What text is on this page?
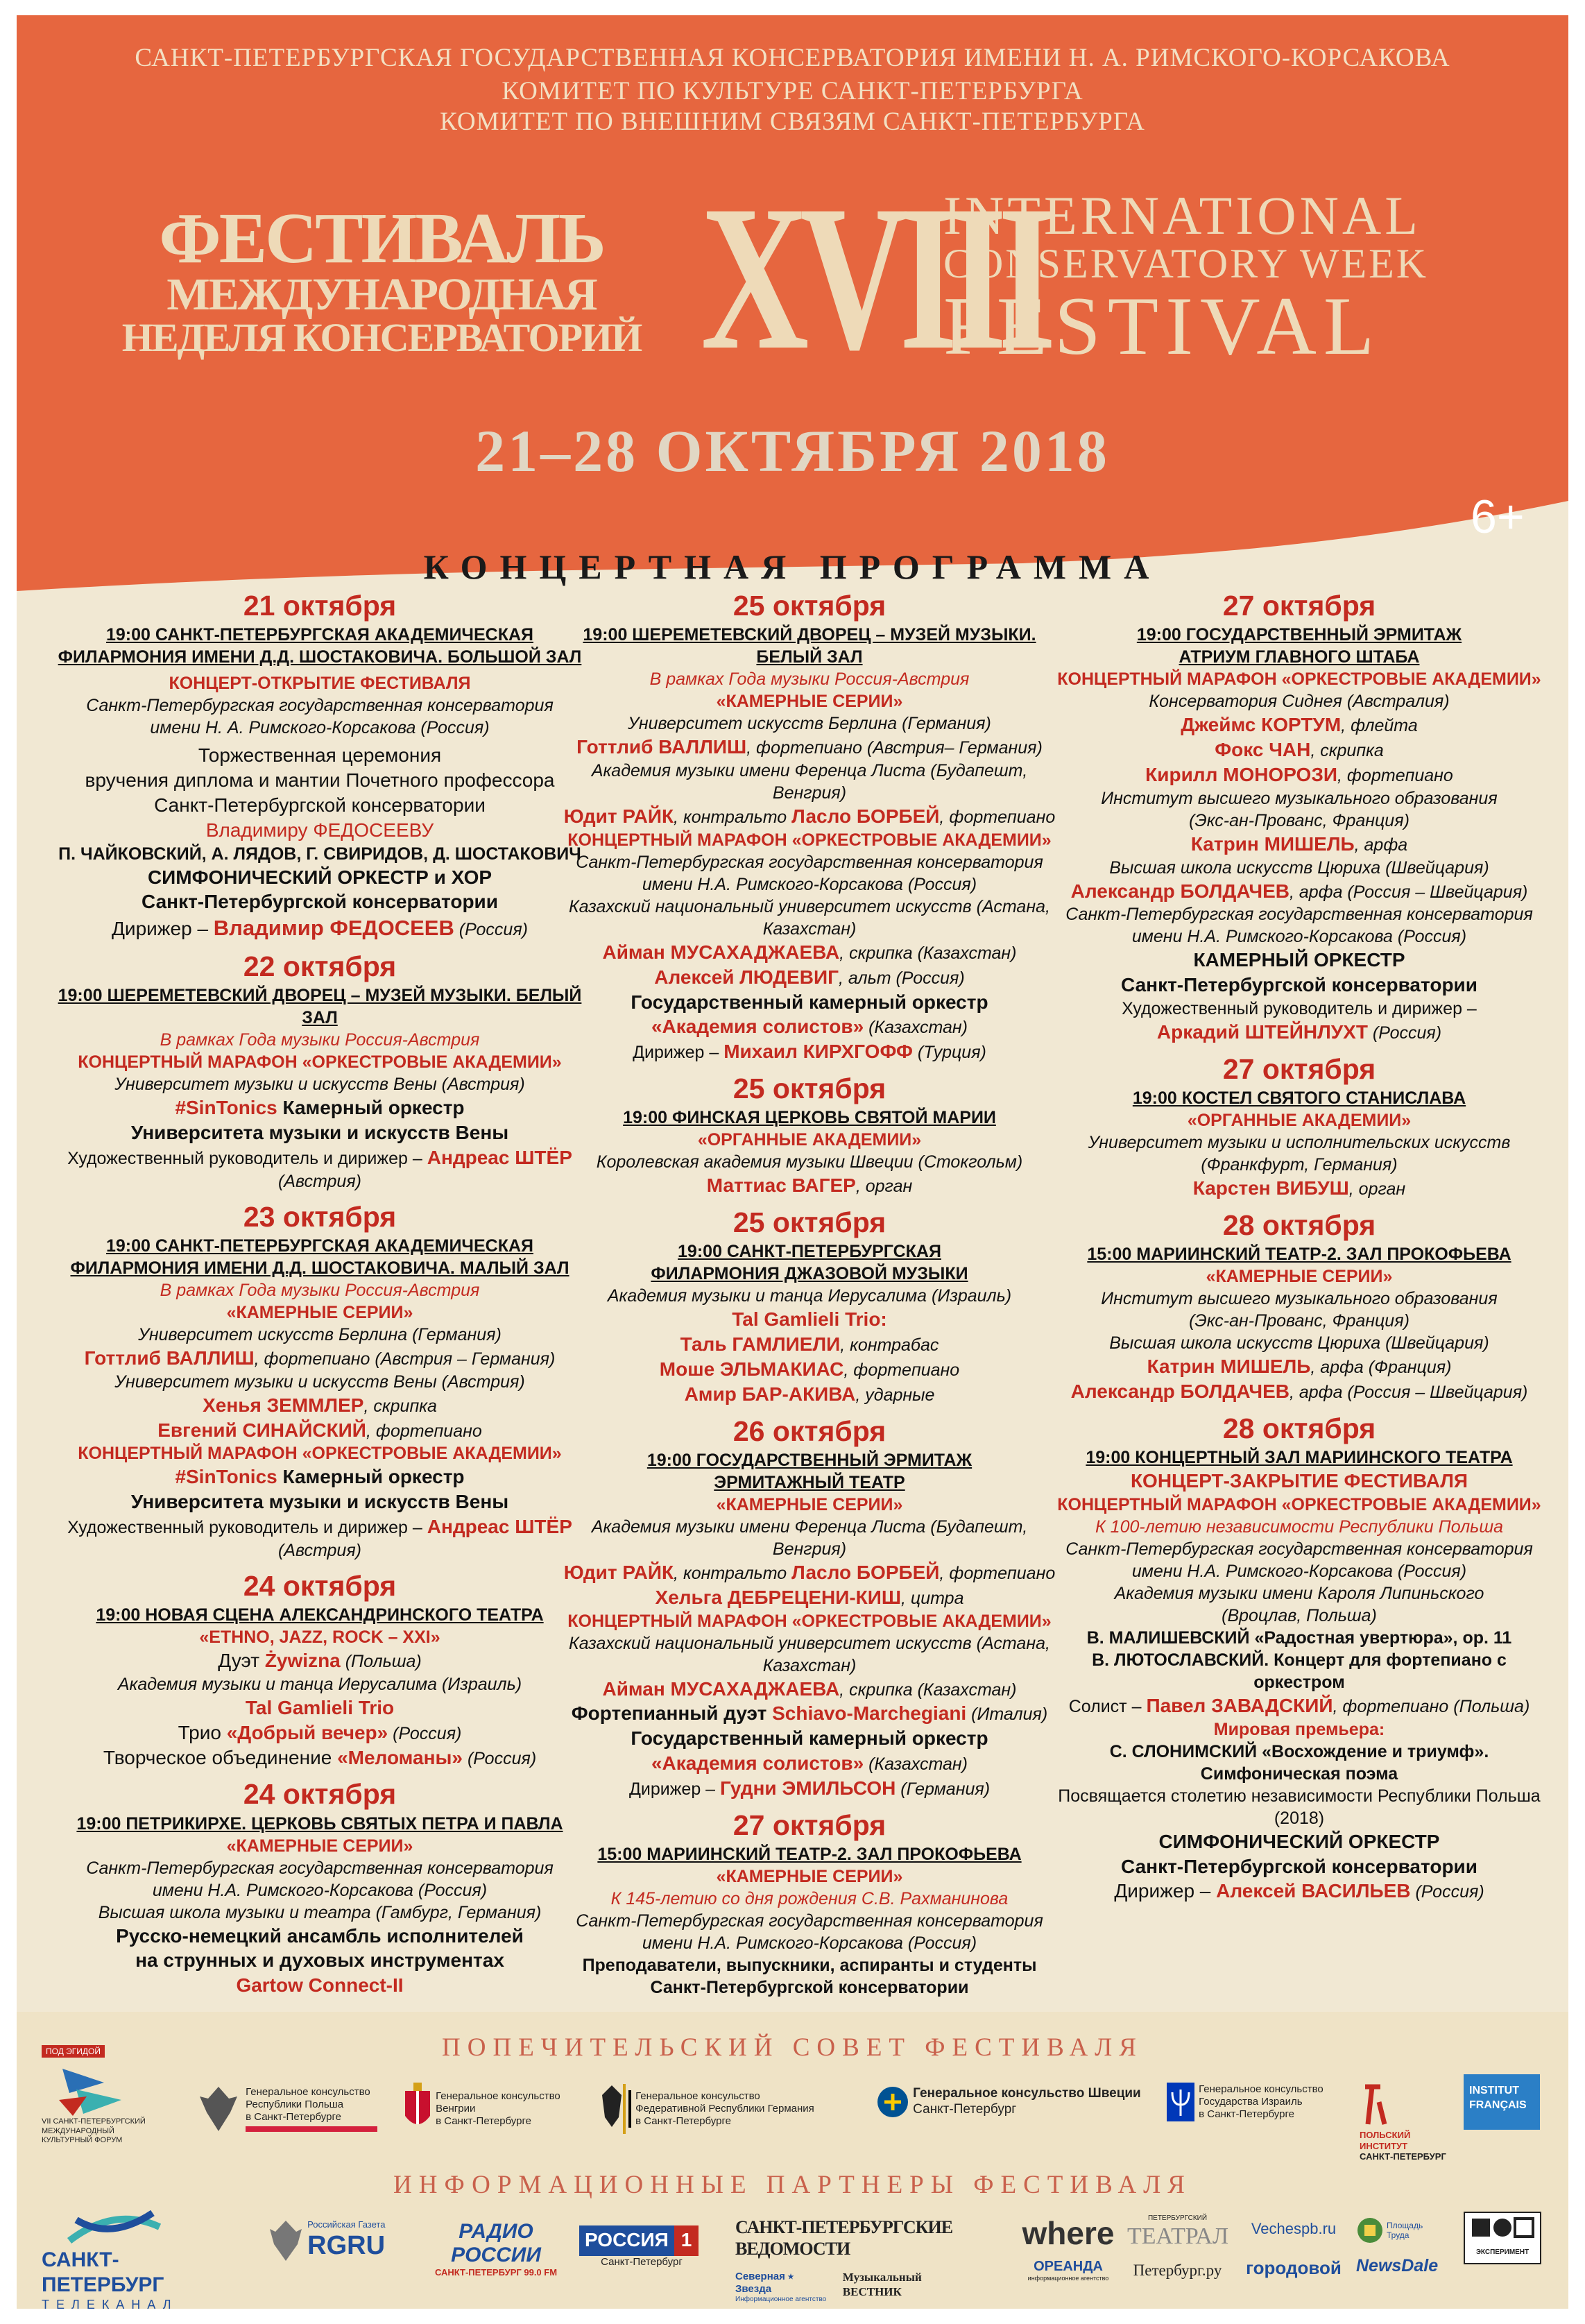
САНКТ-ПЕТЕРБУРГСКАЯ ГОСУДАРСТВЕННАЯ КОНСЕРВАТОРИЯ ИМЕНИ Н. А. РИМСКОГО-КОРСАКОВА
КОМИТЕТ ПО КУЛЬТУРЕ САНКТ-ПЕТЕРБУРГА
КОМИТЕТ ПО ВНЕШНИМ СВЯЗЯМ САНКТ-ПЕТЕРБУРГА
ФЕСТИВАЛЬ
МЕЖДУНАРОДНАЯ
НЕДЕЛЯ КОНСЕРВАТОРИЙ XVIII
INTERNATIONAL
CONSERVATORY WEEK
FESTIVAL
21–28 ОКТЯБРЯ 2018
6+
КОНЦЕРТНАЯ ПРОГРАММА
21 октября
19:00 САНКТ-ПЕТЕРБУРГСКАЯ АКАДЕМИЧЕСКАЯ
ФИЛАРМОНИЯ ИМЕНИ Д.Д. ШОСТАКОВИЧА. БОЛЬШОЙ ЗАЛ
КОНЦЕРТ-ОТКРЫТИЕ ФЕСТИВАЛЯ
Санкт-Петербургская государственная консерватория
имени Н. А. Римского-Корсакова (Россия)
Торжественная церемония
вручения диплома и мантии Почетного профессора
Санкт-Петербургской консерватории
Владимиру ФЕДОСЕЕВУ
П. ЧАЙКОВСКИЙ, А. ЛЯДОВ, Г. СВИРИДОВ, Д. ШОСТАКОВИЧ
СИМФОНИЧЕСКИЙ ОРКЕСТР и ХОР
Санкт-Петербургской консерватории
Дирижер – Владимир ФЕДОСЕЕВ (Россия)
22 октября
19:00 ШЕРЕМЕТЕВСКИЙ ДВОРЕЦ – МУЗЕЙ МУЗЫКИ. БЕЛЫЙ ЗАЛ
В рамках Года музыки Россия-Австрия
КОНЦЕРТНЫЙ МАРАФОН «ОРКЕСТРОВЫЕ АКАДЕМИИ»
Университет музыки и искусств Вены (Австрия)
#SinTonics Камерный оркестр
Университета музыки и искусств Вены
Художественный руководитель и дирижер – Андреас ШТЁР (Австрия)
23 октября
19:00 САНКТ-ПЕТЕРБУРГСКАЯ АКАДЕМИЧЕСКАЯ
ФИЛАРМОНИЯ ИМЕНИ Д.Д. ШОСТАКОВИЧА. МАЛЫЙ ЗАЛ
В рамках Года музыки Россия-Австрия
«КАМЕРНЫЕ СЕРИИ»
Университет искусств Берлина (Германия)
Готтлиб ВАЛЛИШ, фортепиано (Австрия – Германия)
Университет музыки и искусств Вены (Австрия)
Хенья ЗЕММЛЕР, скрипка
Евгений СИНАЙСКИЙ, фортепиано
КОНЦЕРТНЫЙ МАРАФОН «ОРКЕСТРОВЫЕ АКАДЕМИИ»
#SinTonics Камерный оркестр
Университета музыки и искусств Вены
Художественный руководитель и дирижер – Андреас ШТЁР (Австрия)
24 октября
19:00 НОВАЯ СЦЕНА АЛЕКСАНДРИНСКОГО ТЕАТРА
«ETHNO, JAZZ, ROCK – XXI»
Дуэт Żywizna (Польша)
Академия музыки и танца Иерусалима (Израиль)
Tal Gamlieli Trio
Трио «Добрый вечер» (Россия)
Творческое объединение «Меломаны» (Россия)
24 октября
19:00 ПЕТРИКИРХЕ. ЦЕРКОВЬ СВЯТЫХ ПЕТРА И ПАВЛА
«КАМЕРНЫЕ СЕРИИ»
Санкт-Петербургская государственная консерватория
имени Н.А. Римского-Корсакова (Россия)
Высшая школа музыки и театра (Гамбург, Германия)
Русско-немецкий ансамбль исполнителей
на струнных и духовых инструментах
Gartow Connect-II
25 октября
19:00 ШЕРЕМЕТЕВСКИЙ ДВОРЕЦ – МУЗЕЙ МУЗЫКИ. БЕЛЫЙ ЗАЛ
В рамках Года музыки Россия-Австрия
«КАМЕРНЫЕ СЕРИИ»
Университет искусств Берлина (Германия)
Готтлиб ВАЛЛИШ, фортепиано (Австрия– Германия)
Академия музыки имени Ференца Листа (Будапешт, Венгрия)
Юдит РАЙК, контральто Ласло БОРБЕЙ, фортепиано
КОНЦЕРТНЫЙ МАРАФОН «ОРКЕСТРОВЫЕ АКАДЕМИИ»
Санкт-Петербургская государственная консерватория
имени Н.А. Римского-Корсакова (Россия)
Казахский национальный университет искусств (Астана, Казахстан)
Айман МУСАХАДЖАЕВА, скрипка (Казахстан)
Алексей ЛЮДЕВИГ, альт (Россия)
Государственный камерный оркестр
«Академия солистов» (Казахстан)
Дирижер – Михаил КИРХГОФФ (Турция)
25 октября
19:00 ФИНСКАЯ ЦЕРКОВЬ СВЯТОЙ МАРИИ
«ОРГАННЫЕ АКАДЕМИИ»
Королевская академия музыки Швеции (Стокгольм)
Маттиас ВАГЕР, орган
25 октября
19:00 САНКТ-ПЕТЕРБУРГСКАЯ
ФИЛАРМОНИЯ ДЖАЗОВОЙ МУЗЫКИ
Академия музыки и танца Иерусалима (Израиль)
Tal Gamlieli Trio:
Таль ГАМЛИЕЛИ, контрабас
Моше ЭЛЬМАКИАС, фортепиано
Амир БАР-АКИВА, ударные
26 октября
19:00 ГОСУДАРСТВЕННЫЙ ЭРМИТАЖ
ЭРМИТАЖНЫЙ ТЕАТР
«КАМЕРНЫЕ СЕРИИ»
Академия музыки имени Ференца Листа (Будапешт, Венгрия)
Юдит РАЙК, контральто Ласло БОРБЕЙ, фортепиано
Хельга ДЕБРЕЦЕНИ-КИШ, цитра
КОНЦЕРТНЫЙ МАРАФОН «ОРКЕСТРОВЫЕ АКАДЕМИИ»
Казахский национальный университет искусств (Астана, Казахстан)
Айман МУСАХАДЖАЕВА, скрипка (Казахстан)
Фортепианный дуэт Schiavo-Marchegiani (Италия)
Государственный камерный оркестр
«Академия солистов» (Казахстан)
Дирижер – Гудни ЭМИЛЬСОН (Германия)
27 октября
15:00 МАРИИНСКИЙ ТЕАТР-2. ЗАЛ ПРОКОФЬЕВА
«КАМЕРНЫЕ СЕРИИ»
К 145-летию со дня рождения С.В. Рахманинова
Санкт-Петербургская государственная консерватория
имени Н.А. Римского-Корсакова (Россия)
Преподаватели, выпускники, аспиранты и студенты
Санкт-Петербургской консерватории
27 октября
19:00 ГОСУДАРСТВЕННЫЙ ЭРМИТАЖ
АТРИУМ ГЛАВНОГО ШТАБА
КОНЦЕРТНЫЙ МАРАФОН «ОРКЕСТРОВЫЕ АКАДЕМИИ»
Консерватория Сиднея (Австралия)
Джеймс КОРТУМ, флейта
Фокс ЧАН, скрипка
Кирилл МОНОРОЗИ, фортепиано
Институт высшего музыкального образования
(Экс-ан-Прованс, Франция)
Катрин МИШЕЛЬ, арфа
Высшая школа искусств Цюриха (Швейцария)
Александр БОЛДАЧЕВ, арфа (Россия – Швейцария)
Санкт-Петербургская государственная консерватория
имени Н.А. Римского-Корсакова (Россия)
КАМЕРНЫЙ ОРКЕСТР
Санкт-Петербургской консерватории
Художественный руководитель и дирижер –
Аркадий ШТЕЙНЛУХТ (Россия)
27 октября
19:00 КОСТЕЛ СВЯТОГО СТАНИСЛАВА
«ОРГАННЫЕ АКАДЕМИИ»
Университет музыки и исполнительских искусств
(Франкфурт, Германия)
Карстен ВИБУШ, орган
28 октября
15:00 МАРИИНСКИЙ ТЕАТР-2. ЗАЛ ПРОКОФЬЕВА
«КАМЕРНЫЕ СЕРИИ»
Институт высшего музыкального образования
(Экс-ан-Прованс, Франция)
Высшая школа искусств Цюриха (Швейцария)
Катрин МИШЕЛЬ, арфа (Франция)
Александр БОЛДАЧЕВ, арфа (Россия – Швейцария)
28 октября
19:00 КОНЦЕРТНЫЙ ЗАЛ МАРИИНСКОГО ТЕАТРА
КОНЦЕРТ-ЗАКРЫТИЕ ФЕСТИВАЛЯ
КОНЦЕРТНЫЙ МАРАФОН «ОРКЕСТРОВЫЕ АКАДЕМИИ»
К 100-летию независимости Республики Польша
Санкт-Петербургская государственная консерватория
имени Н.А. Римского-Корсакова (Россия)
Академия музыки имени Кароля Липиньского
(Вроцлав, Польша)
В. МАЛИШЕВСКИЙ «Радостная увертюра», ор. 11
В. ЛЮТОСЛАВСКИЙ. Концерт для фортепиано с оркестром
Солист – Павел ЗАВАДСКИЙ, фортепиано (Польша)
Мировая премьера:
С. СЛОНИМСКИЙ «Восхождение и триумф».
Симфоническая поэма
Посвящается столетию независимости Республики Польша (2018)
СИМФОНИЧЕСКИЙ ОРКЕСТР
Санкт-Петербургской консерватории
Дирижер – Алексей ВАСИЛЬЕВ (Россия)
ПОПЕЧИТЕЛЬСКИЙ СОВЕТ ФЕСТИВАЛЯ
ИНФОРМАЦИОННЫЕ ПАРТНЕРЫ ФЕСТИВАЛЯ
ПОД ЭГИДОЙ
VII САНКТ-ПЕТЕРБУРГСКИЙ
МЕЖДУНАРОДНЫЙ
КУЛЬТУРНЫЙ ФОРУМ

Генеральное консульство
Республики Польша
в Санкт-Петербурге

Генеральное консульство
Венгрии
в Санкт-Петербурге

Генеральное консульство
Федеративной Республики Германия
в Санкт-Петербурге

Генеральное консульство Швеции
Санкт-Петербург

Генеральное консульство
Государства Израиль
в Санкт-Петербурге

ПОЛЬСКИЙ
ИНСТИТУТ
САНКТ-ПЕТЕРБУРГ
INSTITUT
FRANÇAIS
САНКТ-ПЕТЕРБУРГ
ТЕЛЕКАНАЛ

Российская Газета
RGRU	РАДИО
РОССИИ
САНКТ-ПЕТЕРБУРГ 99.0 FM
РОССИЯ 1
Санкт-Петербург
САНКТ-ПЕТЕРБУРГСКИЕ ВЕДОМОСТИ
Северная ⭑ Звезда
Информационное агентство
Музыкальный ВЕСТНИК
where
ОРЕАНДА
информационное агентство
ПЕТЕРБУРГСКИЙ
ТЕАТРАЛ
Петербург.ру
Vechespb.ru
городовой
Площадь
Труда
NewsDale
ЭКСПЕРИМЕНТ
